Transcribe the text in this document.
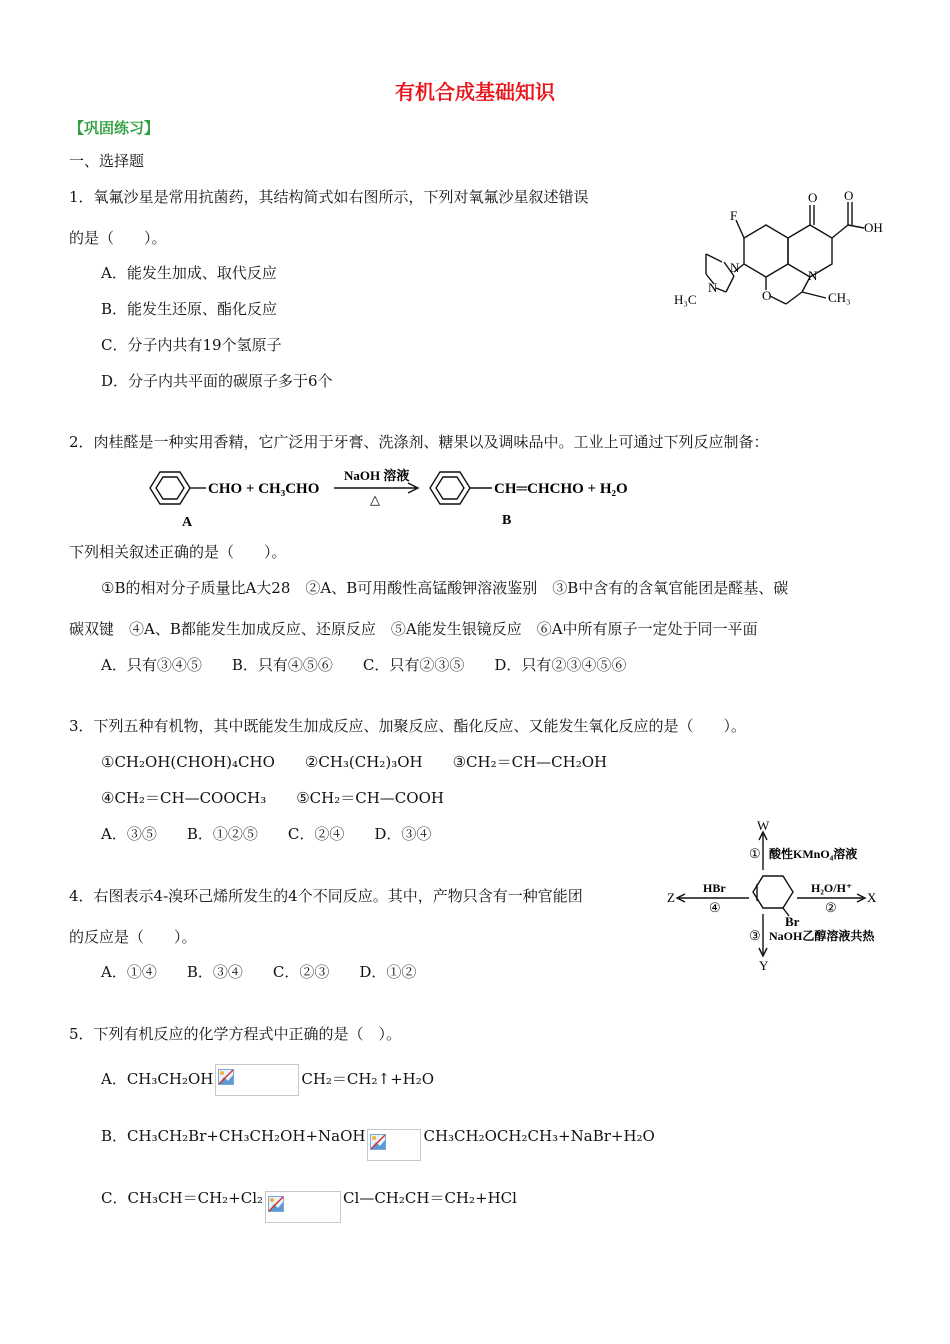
有机合成基础知识
【巩固练习】
一、选择题
1．氧氟沙星是常用抗菌药，其结构简式如右图所示，下列对氧氟沙星叙述错误
的是（　　）。
A．能发生加成、取代反应
B．能发生还原、酯化反应
C．分子内共有19个氢原子
D．分子内共平面的碳原子多于6个
O O
OH
F
N
N
O	CH₃
H₃C
N
2．肉桂醛是一种实用香精，它广泛用于牙膏、洗涤剂、糖果以及调味品中。工业上可通过下列反应制备：
CHO + CH₃CHO
NaOH 溶液
△
CH═CHCHO + H₂O
A	B
下列相关叙述正确的是（　　）。
①B的相对分子质量比A大28　②A、B可用酸性高锰酸钾溶液鉴别　③B中含有的含氧官能团是醛基、碳
碳双键　④A、B都能发生加成反应、还原反应　⑤A能发生银镜反应　⑥A中所有原子一定处于同一平面
A．只有③④⑤　　B．只有④⑤⑥　　C．只有②③⑤　　D．只有②③④⑤⑥
3．下列五种有机物，其中既能发生加成反应、加聚反应、酯化反应、又能发生氧化反应的是（　　）。
①CH₂OH(CHOH)₄CHO　　②CH₃(CH₂)₃OH　　③CH₂＝CH—CH₂OH
④CH₂＝CH—COOCH₃　　⑤CH₂＝CH—COOH
A．③⑤　　B．①②⑤　　C．②④　　D．③④
4．右图表示4-溴环己烯所发生的4个不同反应。其中，产物只含有一种官能团
的反应是（　　）。
A．①④　　B．③④　　C．②③　　D．①②
W
① 酸性KMnO₄溶液
Z
HBr
④
H₂O/H⁺
②
X
Br
③ NaOH乙醇溶液共热
Y
5．下列有机反应的化学方程式中正确的是（　）。
A．CH₃CH₂OH	CH₂＝CH₂↑+H₂O
B．CH₃CH₂Br+CH₃CH₂OH+NaOH	CH₃CH₂OCH₂CH₃+NaBr+H₂O
C．CH₃CH＝CH₂+Cl₂	Cl—CH₂CH＝CH₂+HCl
